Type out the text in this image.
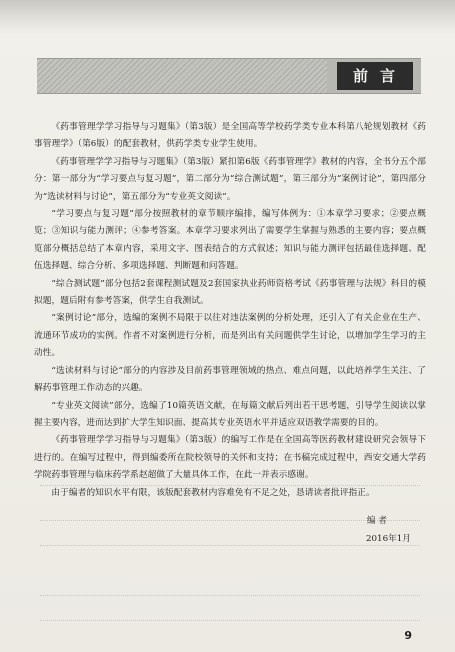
前言

《药事管理学学习指导与习题集》（第3版）是全国高等学校药学类专业本科第八轮规划教材《药事管理学》（第6版）的配套教材，供药学类专业学生使用。

《药事管理学学习指导与习题集》（第3版）紧扣第6版《药事管理学》教材的内容，全书分五个部分：第一部分为“学习要点与复习题”，第二部分为“综合测试题”，第三部分为“案例讨论”，第四部分为“选读材料与讨论”，第五部分为“专业英文阅读”。

“学习要点与复习题”部分按照教材的章节顺序编排，编写体例为：①本章学习要求；②要点概览；③知识与能力测评；④参考答案。本章学习要求列出了需要学生掌握与熟悉的主要内容；要点概览部分概括总结了本章内容，采用文字、图表结合的方式叙述；知识与能力测评包括最佳选择题、配伍选择题、综合分析、多项选择题、判断题和问答题。

“综合测试题”部分包括2套课程测试题及2套国家执业药师资格考试《药事管理与法规》科目的模拟题，题后附有参考答案，供学生自我测试。

“案例讨论”部分，选编的案例不局限于以往对违法案例的分析处理，还引入了有关企业在生产、流通环节成功的实例。作者不对案例进行分析，而是列出有关问题供学生讨论，以增加学生学习的主动性。

“选读材料与讨论”部分的内容涉及目前药事管理领域的热点、难点问题，以此培养学生关注、了解药事管理工作动态的兴趣。

“专业英文阅读”部分，选编了10篇英语文献，在每篇文献后列出若干思考题，引导学生阅读以掌握主要内容，进而达到扩大学生知识面、提高其专业英语水平并适应双语教学需要的目的。

《药事管理学学习指导与习题集》（第3版）的编写工作是在全国高等医药教材建设研究会领导下进行的。在编写过程中，得到编委所在院校领导的关怀和支持；在书稿完成过程中，西安交通大学药学院药事管理与临床药学系赵超做了大量具体工作，在此一并表示感谢。

由于编者的知识水平有限，该版配套教材内容难免有不足之处，恳请读者批评指正。

编 者
2016年1月
9
